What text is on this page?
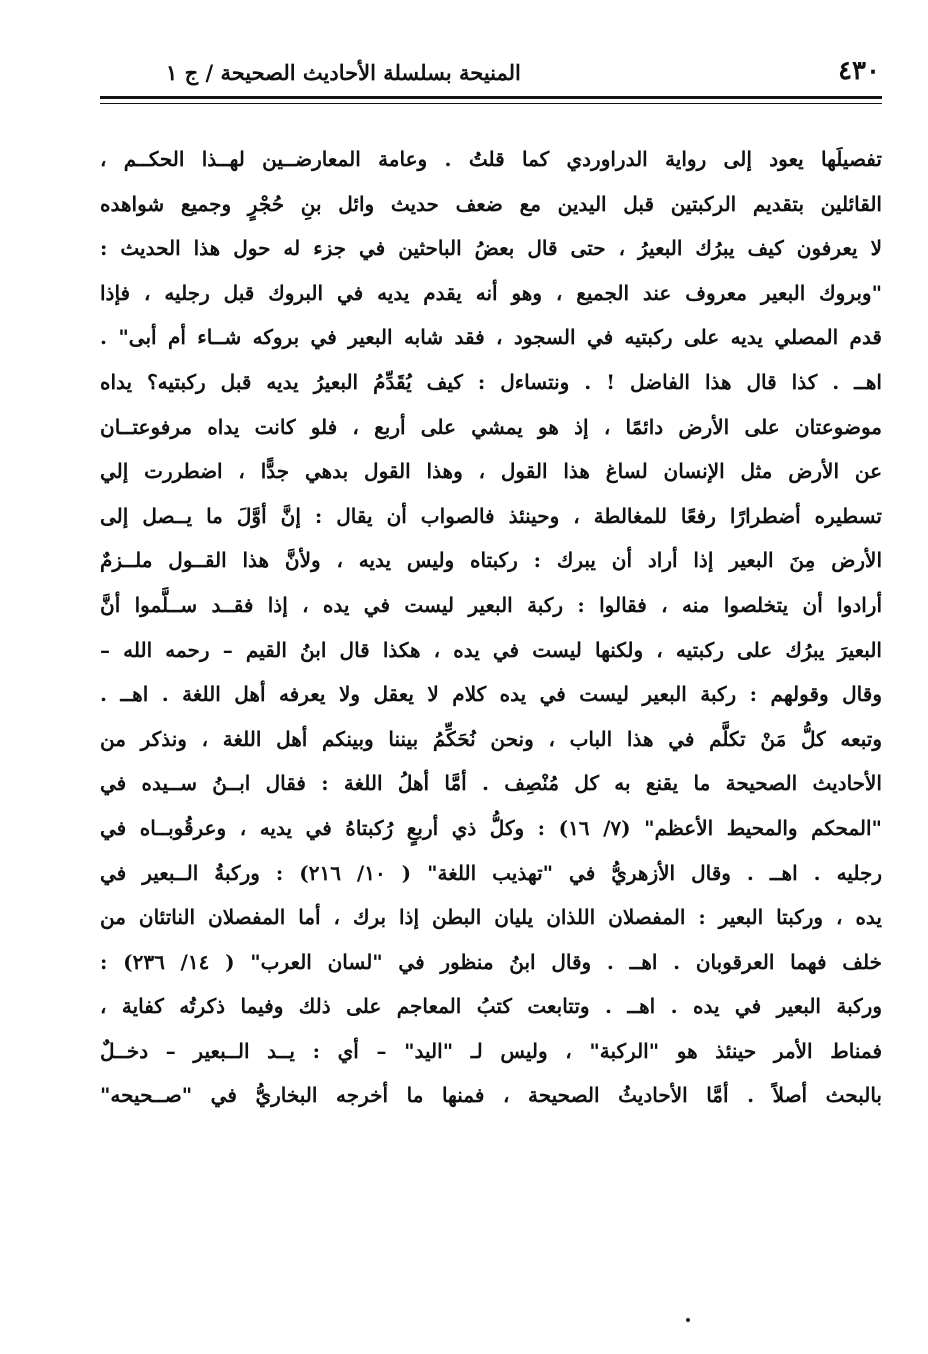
٤٣٠
المنيحة بسلسلة الأحاديث الصحيحة / ج ١
تفصيلَها يعود إلى رواية الدراوردي كما قلتُ . وعامة المعارضــين لهــذا الحكــم ،
القائلين بتقديم الركبتين قبل اليدين مع ضعف حديث وائل بنِ حُجْرٍ وجميع شواهده
لا يعرفون كيف يبرُك البعيرُ ، حتى قال بعضُ الباحثين في جزء له حول هذا الحديث :
"وبروك البعير معروف عند الجميع ، وهو أنه يقدم يديه في البروك قبل رجليه ، فإذا
قدم المصلي يديه على ركبتيه في السجود ، فقد شابه البعير في بروكه شــاء أم أبى" .
اهــ . كذا قال هذا الفاضل ! . ونتساءل : كيف يُقَدِّمُ البعيرُ يديه قبل ركبتيه؟ يداه
موضوعتان على الأرض دائمًا ، إذ هو يمشي على أربع ، فلو كانت يداه مرفوعتــان
عن الأرض مثل الإنسان لساغ هذا القول ، وهذا القول بدهي جدًّا ، اضطررت إلي
تسطيره أضطرارًا رفعًا للمغالطة ، وحينئذ فالصواب أن يقال : إنَّ أوَّلَ ما يــصل إلى
الأرض مِنَ البعير إذا أراد أن يبرك : ركبتاه وليس يديه ، ولأنَّ هذا القــول ملــزمٌ
أرادوا أن يتخلصوا منه ، فقالوا : ركبة البعير ليست في يده ، إذا فقــد ســلَّموا أنَّ
البعيرَ يبرُك على ركبتيه ، ولكنها ليست في يده ، هكذا قال ابنُ القيم – رحمه الله –
وقال وقولهم : ركبة البعير ليست في يده كلام لا يعقل ولا يعرفه أهل اللغة . اهــ .
وتبعه كلُّ مَنْ تكلَّم في هذا الباب ، ونحن نُحَكِّمُ بيننا وبينكم أهل اللغة ، ونذكر من
الأحاديث الصحيحة ما يقنع به كل مُنْصِف . أمَّا أهلُ اللغة : فقال ابــنُ ســيده في
"المحكم والمحيط الأعظم" (٧/ ١٦) : وكلُّ ذي أربعٍ رُكبتاهُ في يديه ، وعرقُوبــاه في
رجليه . اهــ . وقال الأزهريُّ في "تهذيب اللغة" ( ١٠/ ٢١٦) : وركبةُ الــبعير في
يده ، وركبتا البعير : المفصلان اللذان يليان البطن إذا برك ، أما المفصلان الناتئان من
خلف فهما العرقوبان . اهــ . وقال ابنُ منظور في "لسان العرب" ( ١٤/ ٢٣٦) :
وركبة البعير في يده . اهــ . وتتابعت كتبُ المعاجم على ذلك وفيما ذكرتُه كفاية ،
فمناط الأمر حينئذ هو "الركبة" ، وليس لـ "اليد" – أي : يــد الــبعير – دخــلٌ
بالبحث أصلاً . أمَّا الأحاديثُ الصحيحة ، فمنها ما أخرجه البخاريُّ في "صــحيحه"
